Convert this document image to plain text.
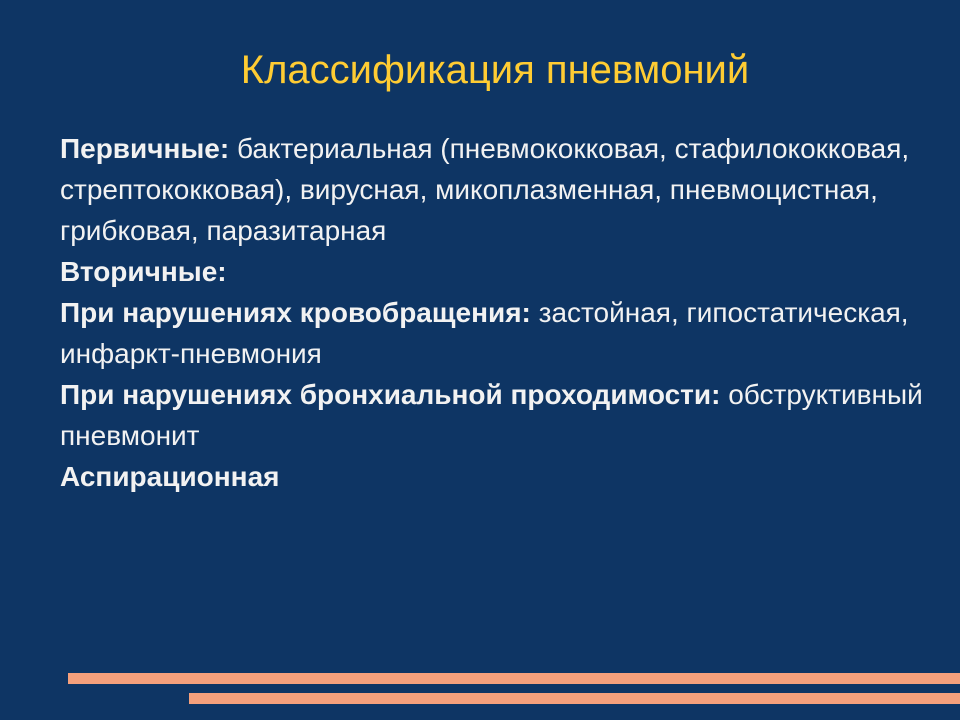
Классификация пневмоний

Первичные: бактериальная (пневмококковая, стафилококковая, стрептококковая), вирусная, микоплазменная, пневмоцистная, грибковая, паразитарная

Вторичные:

При нарушениях кровобращения: застойная, гипостатическая, инфаркт-пневмония

При нарушениях бронхиальной проходимости: обструктивный пневмонит

Аспирационная
